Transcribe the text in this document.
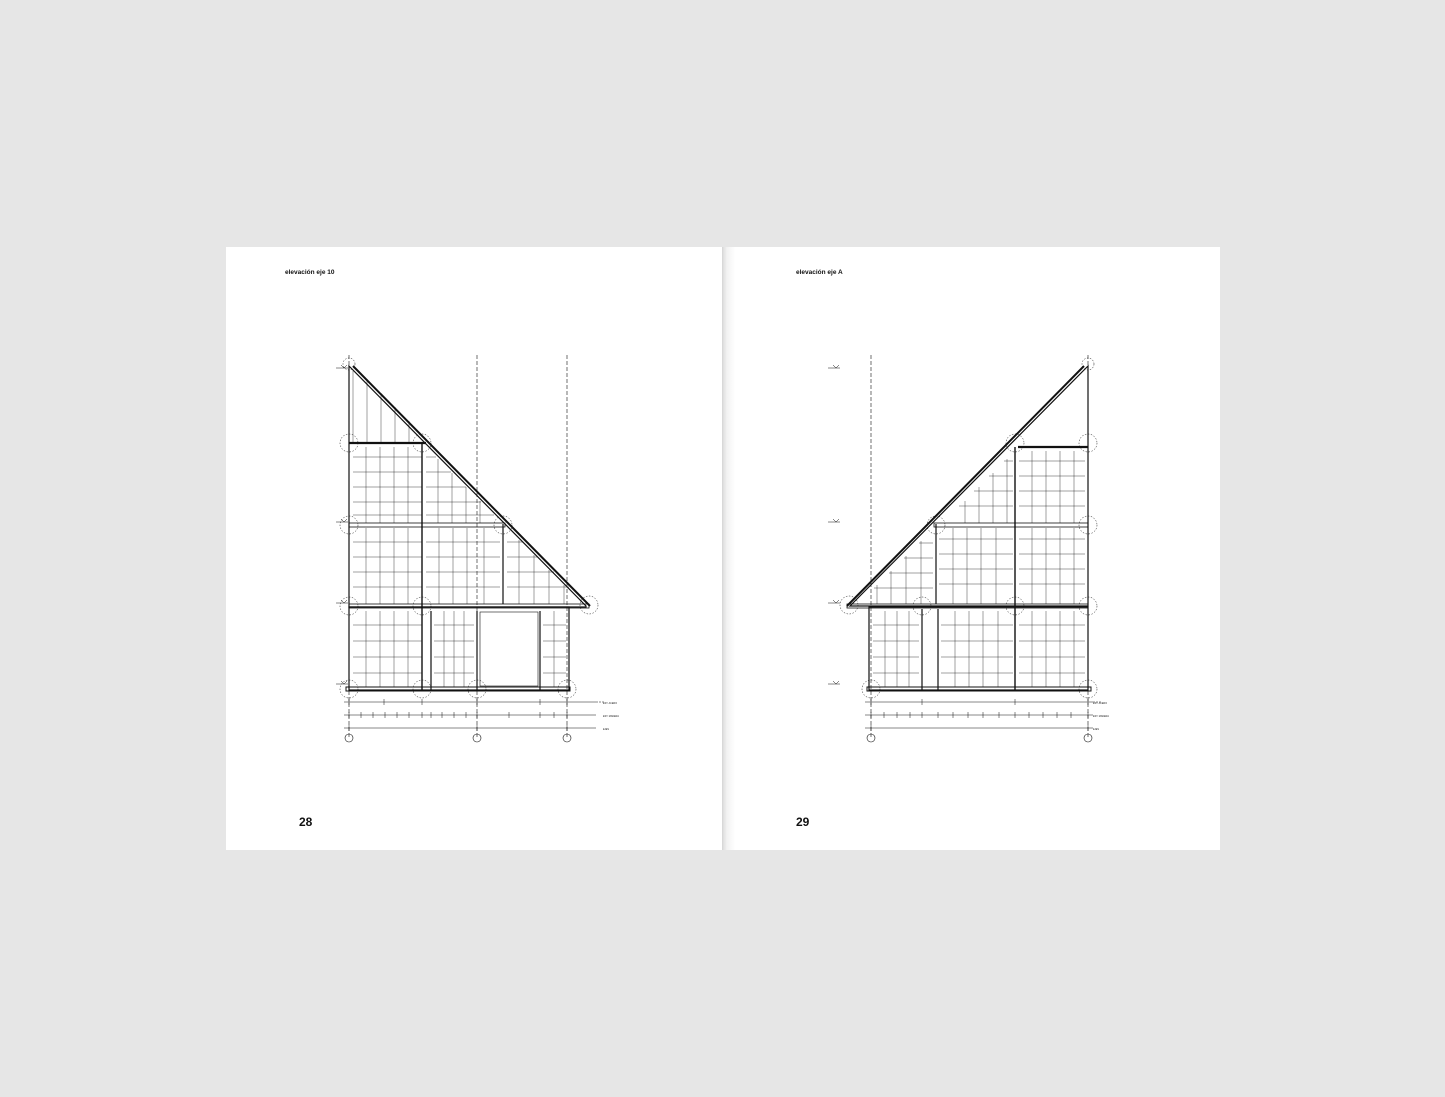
elevación eje 10
28
EST. ACERO
EST. MADERA
EJES
elevación eje A
29
EST. ACERO
EST. MADERA
EJES
